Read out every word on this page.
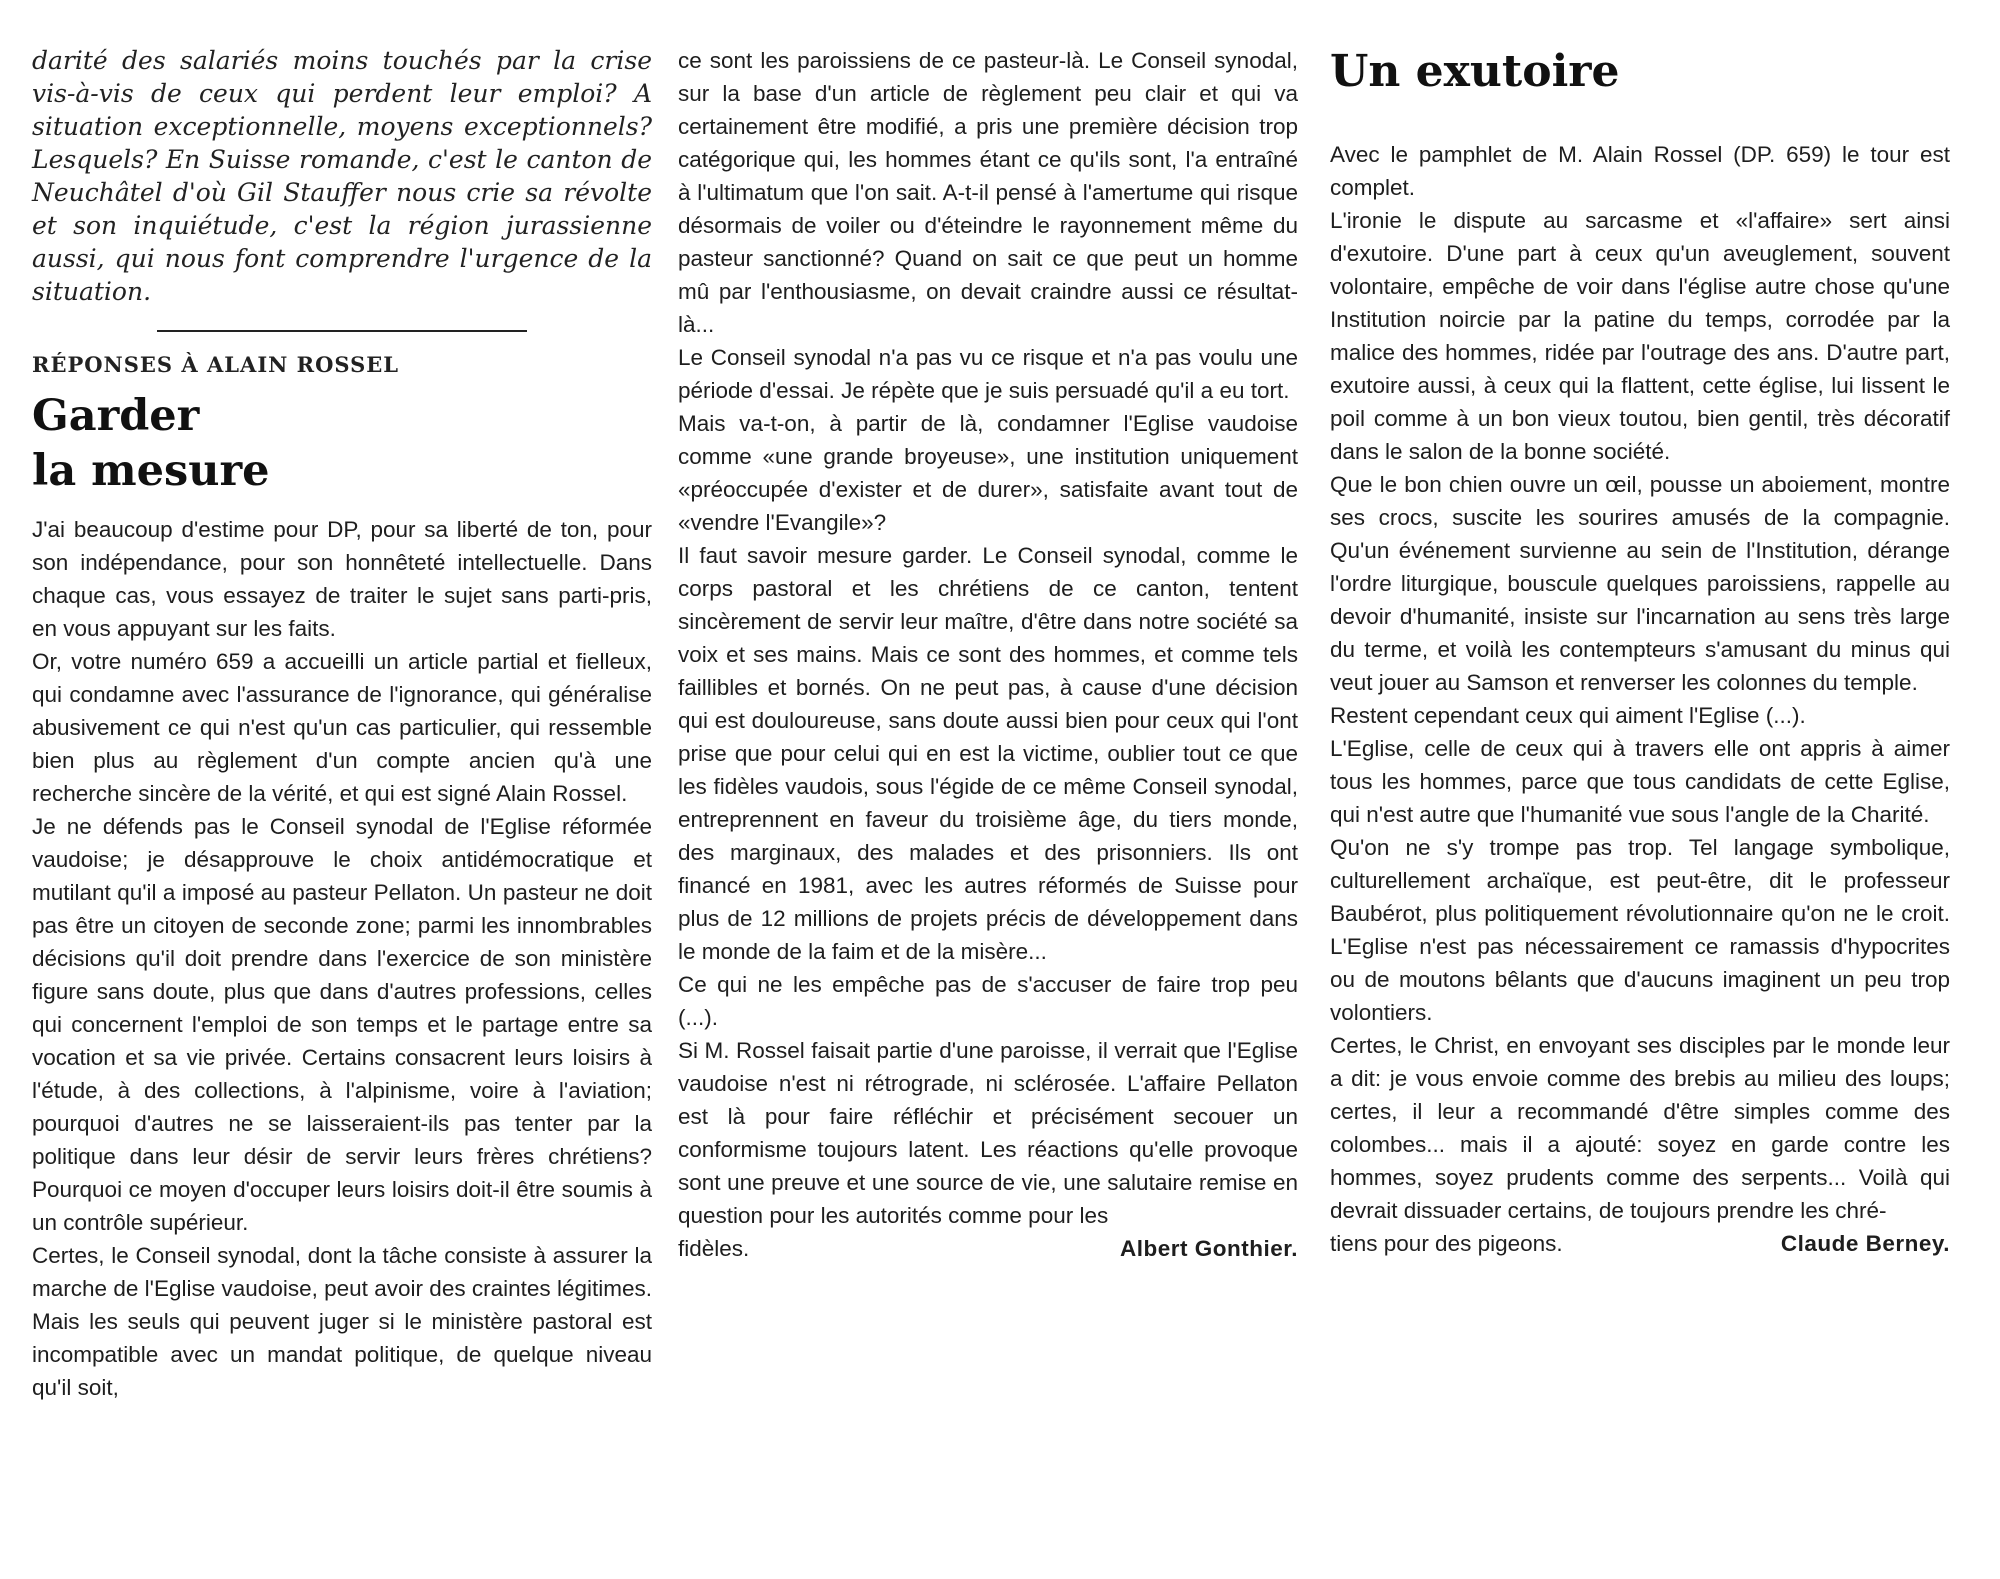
darité des salariés moins touchés par la crise vis-à-vis de ceux qui perdent leur emploi? A situation exceptionnelle, moyens exceptionnels? Lesquels? En Suisse romande, c'est le canton de Neuchâtel d'où Gil Stauffer nous crie sa révolte et son inquiétude, c'est la région jurassienne aussi, qui nous font comprendre l'urgence de la situation.

RÉPONSES À ALAIN ROSSEL
Garder
la mesure

J'ai beaucoup d'estime pour DP, pour sa liberté de ton, pour son indépendance, pour son honnêteté intellectuelle. Dans chaque cas, vous essayez de traiter le sujet sans parti-pris, en vous appuyant sur les faits.

Or, votre numéro 659 a accueilli un article partial et fielleux, qui condamne avec l'assurance de l'ignorance, qui généralise abusivement ce qui n'est qu'un cas particulier, qui ressemble bien plus au règlement d'un compte ancien qu'à une recherche sincère de la vérité, et qui est signé Alain Rossel.

Je ne défends pas le Conseil synodal de l'Eglise réformée vaudoise; je désapprouve le choix antidémocratique et mutilant qu'il a imposé au pasteur Pellaton. Un pasteur ne doit pas être un citoyen de seconde zone; parmi les innombrables décisions qu'il doit prendre dans l'exercice de son ministère figure sans doute, plus que dans d'autres professions, celles qui concernent l'emploi de son temps et le partage entre sa vocation et sa vie privée. Certains consacrent leurs loisirs à l'étude, à des collections, à l'alpinisme, voire à l'aviation; pourquoi d'autres ne se laisseraient-ils pas tenter par la politique dans leur désir de servir leurs frères chrétiens? Pourquoi ce moyen d'occuper leurs loisirs doit-il être soumis à un contrôle supérieur.

Certes, le Conseil synodal, dont la tâche consiste à assurer la marche de l'Eglise vaudoise, peut avoir des craintes légitimes. Mais les seuls qui peuvent juger si le ministère pastoral est incompatible avec un mandat politique, de quelque niveau qu'il soit,

ce sont les paroissiens de ce pasteur-là. Le Conseil synodal, sur la base d'un article de règlement peu clair et qui va certainement être modifié, a pris une première décision trop catégorique qui, les hommes étant ce qu'ils sont, l'a entraîné à l'ultimatum que l'on sait. A-t-il pensé à l'amertume qui risque désormais de voiler ou d'éteindre le rayonnement même du pasteur sanctionné? Quand on sait ce que peut un homme mû par l'enthousiasme, on devait craindre aussi ce résultat-là...

Le Conseil synodal n'a pas vu ce risque et n'a pas voulu une période d'essai. Je répète que je suis persuadé qu'il a eu tort.

Mais va-t-on, à partir de là, condamner l'Eglise vaudoise comme «une grande broyeuse», une institution uniquement «préoccupée d'exister et de durer», satisfaite avant tout de «vendre l'Evangile»?

Il faut savoir mesure garder. Le Conseil synodal, comme le corps pastoral et les chrétiens de ce canton, tentent sincèrement de servir leur maître, d'être dans notre société sa voix et ses mains. Mais ce sont des hommes, et comme tels faillibles et bornés. On ne peut pas, à cause d'une décision qui est douloureuse, sans doute aussi bien pour ceux qui l'ont prise que pour celui qui en est la victime, oublier tout ce que les fidèles vaudois, sous l'égide de ce même Conseil synodal, entreprennent en faveur du troisième âge, du tiers monde, des marginaux, des malades et des prisonniers. Ils ont financé en 1981, avec les autres réformés de Suisse pour plus de 12 millions de projets précis de développement dans le monde de la faim et de la misère...

Ce qui ne les empêche pas de s'accuser de faire trop peu (...).

Si M. Rossel faisait partie d'une paroisse, il verrait que l'Eglise vaudoise n'est ni rétrograde, ni sclérosée. L'affaire Pellaton est là pour faire réfléchir et précisément secouer un conformisme toujours latent. Les réactions qu'elle provoque sont une preuve et une source de vie, une salutaire remise en question pour les autorités comme pour les

fidèles.	Albert Gonthier.
Un exutoire

Avec le pamphlet de M. Alain Rossel (DP. 659) le tour est complet.

L'ironie le dispute au sarcasme et «l'affaire» sert ainsi d'exutoire. D'une part à ceux qu'un aveuglement, souvent volontaire, empêche de voir dans l'église autre chose qu'une Institution noircie par la patine du temps, corrodée par la malice des hommes, ridée par l'outrage des ans. D'autre part, exutoire aussi, à ceux qui la flattent, cette église, lui lissent le poil comme à un bon vieux toutou, bien gentil, très décoratif dans le salon de la bonne société.

Que le bon chien ouvre un œil, pousse un aboiement, montre ses crocs, suscite les sourires amusés de la compagnie. Qu'un événement survienne au sein de l'Institution, dérange l'ordre liturgique, bouscule quelques paroissiens, rappelle au devoir d'humanité, insiste sur l'incarnation au sens très large du terme, et voilà les contempteurs s'amusant du minus qui veut jouer au Samson et renverser les colonnes du temple.

Restent cependant ceux qui aiment l'Eglise (...).

L'Eglise, celle de ceux qui à travers elle ont appris à aimer tous les hommes, parce que tous candidats de cette Eglise, qui n'est autre que l'humanité vue sous l'angle de la Charité.

Qu'on ne s'y trompe pas trop. Tel langage symbolique, culturellement archaïque, est peut-être, dit le professeur Baubérot, plus politiquement révolutionnaire qu'on ne le croit. L'Eglise n'est pas nécessairement ce ramassis d'hypocrites ou de moutons bêlants que d'aucuns imaginent un peu trop volontiers.

Certes, le Christ, en envoyant ses disciples par le monde leur a dit: je vous envoie comme des brebis au milieu des loups; certes, il leur a recommandé d'être simples comme des colombes... mais il a ajouté: soyez en garde contre les hommes, soyez prudents comme des serpents... Voilà qui devrait dissuader certains, de toujours prendre les chré-

tiens pour des pigeons.	Claude Berney.
